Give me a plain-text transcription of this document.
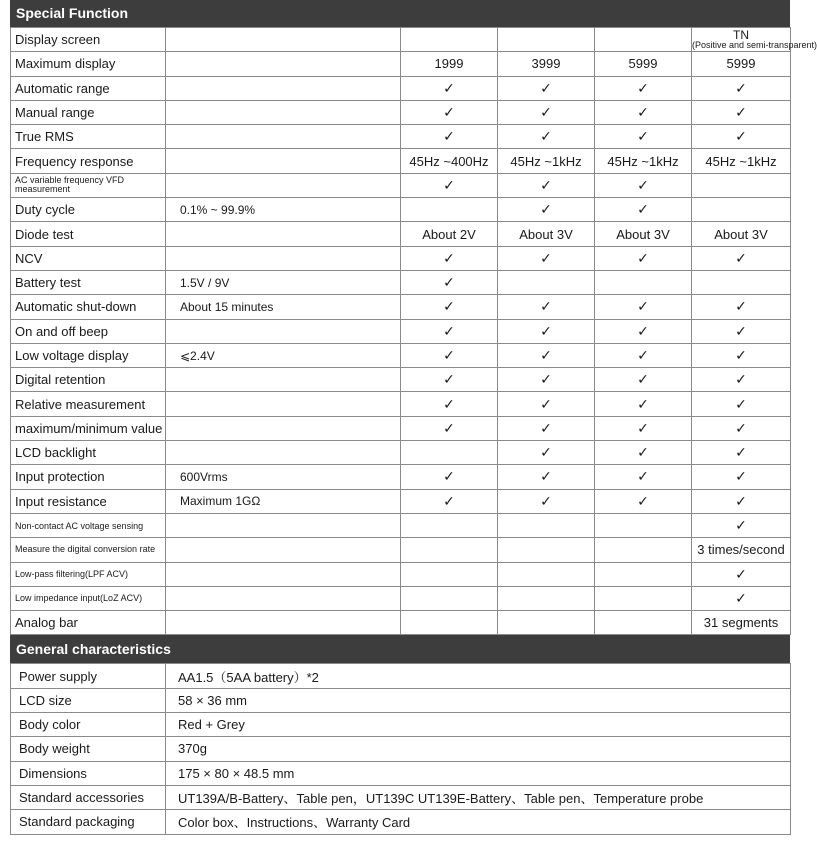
Special Function
Display screen					TN
(Positive and semi-transparent)

Maximum display		1999	3999	5999	5999
Automatic range		✓	✓	✓	✓
Manual range		✓	✓	✓	✓
True RMS		✓	✓	✓	✓
Frequency response		45Hz ~400Hz	45Hz ~1kHz	45Hz ~1kHz	45Hz ~1kHz
AC variable frequency VFD measurement		✓	✓	✓	
Duty cycle	0.1% ~ 99.9%		✓	✓	
Diode test		About 2V	About 3V	About 3V	About 3V
NCV		✓	✓	✓	✓
Battery test	1.5V / 9V	✓			
Automatic shut-down	About 15 minutes	✓	✓	✓	✓
On and off beep		✓	✓	✓	✓
Low voltage display	⩽2.4V	✓	✓	✓	✓
Digital retention		✓	✓	✓	✓
Relative measurement		✓	✓	✓	✓
maximum/minimum value		✓	✓	✓	✓
LCD backlight			✓	✓	✓
Input protection	600Vrms	✓	✓	✓	✓
Input resistance	Maximum 1GΩ	✓	✓	✓	✓
Non-contact AC voltage sensing					✓
Measure the digital conversion rate					3 times/second
Low-pass filtering(LPF ACV)					✓
Low impedance input(LoZ ACV)					✓
Analog bar					31 segments
General characteristics
Power supply	AA1.5（5AA battery）*2
LCD size	58 × 36 mm
Body color	Red + Grey
Body weight	370g
Dimensions	175 × 80 × 48.5 mm
Standard accessories	UT139A/B-Battery、Table pen，UT139C UT139E-Battery、Table pen、Temperature probe
Standard packaging	Color box、Instructions、Warranty Card
